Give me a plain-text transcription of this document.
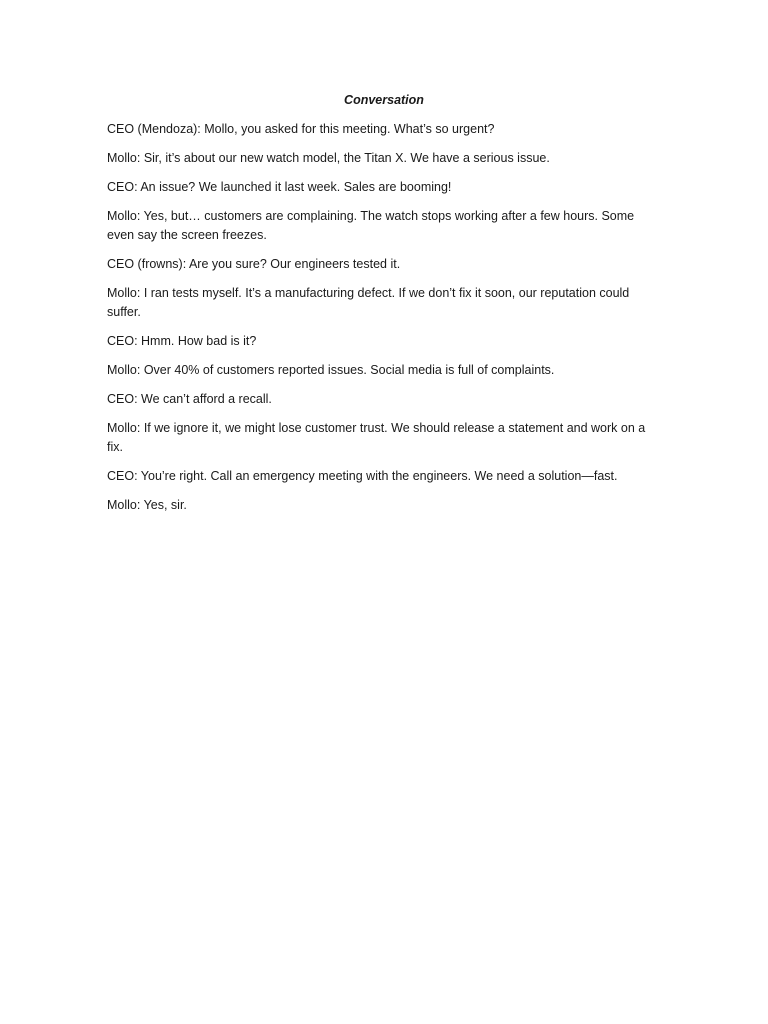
Conversation

CEO (Mendoza): Mollo, you asked for this meeting. What’s so urgent?

Mollo: Sir, it’s about our new watch model, the Titan X. We have a serious issue.

CEO: An issue? We launched it last week. Sales are booming!

Mollo: Yes, but… customers are complaining. The watch stops working after a few hours. Some even say the screen freezes.

CEO (frowns): Are you sure? Our engineers tested it.

Mollo: I ran tests myself. It’s a manufacturing defect. If we don’t fix it soon, our reputation could suffer.

CEO: Hmm. How bad is it?

Mollo: Over 40% of customers reported issues. Social media is full of complaints.

CEO: We can’t afford a recall.

Mollo: If we ignore it, we might lose customer trust. We should release a statement and work on a fix.

CEO: You’re right. Call an emergency meeting with the engineers. We need a solution—fast.

Mollo: Yes, sir.
